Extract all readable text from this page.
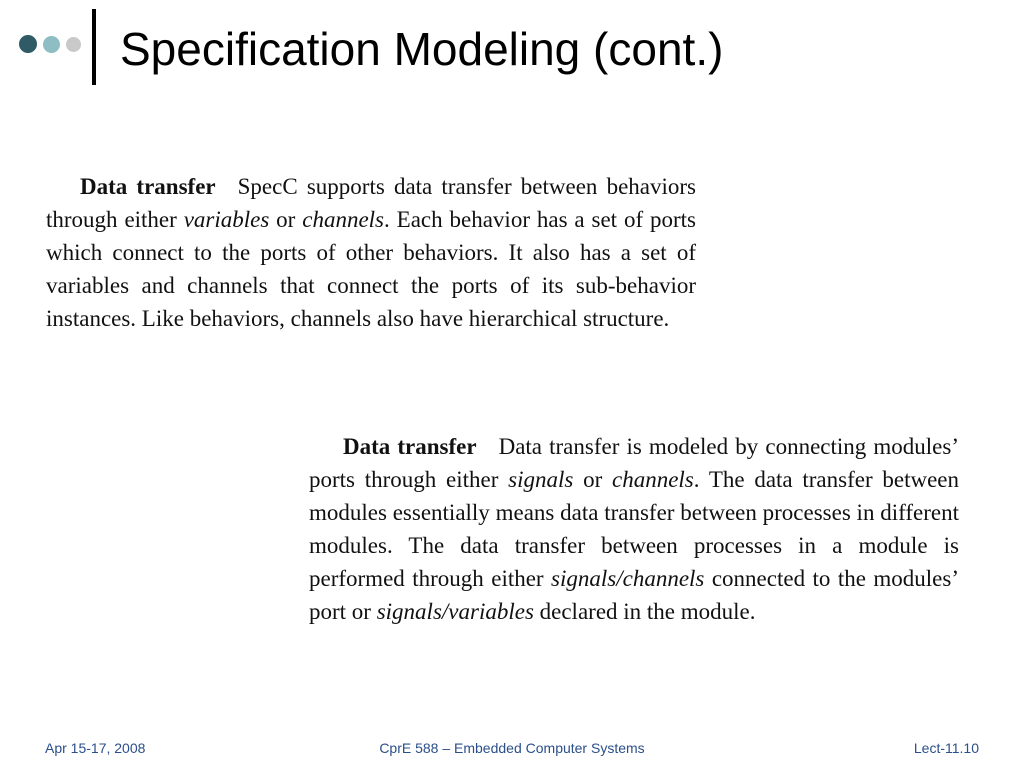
Specification Modeling (cont.)

Data transfer SpecC supports data transfer between behaviors through either variables or channels. Each behavior has a set of ports which connect to the ports of other behaviors. It also has a set of variables and channels that connect the ports of its sub-behavior instances. Like behaviors, channels also have hierarchical structure.

Data transfer Data transfer is modeled by connecting modules’ ports through either signals or channels. The data transfer between modules essentially means data transfer between processes in different modules. The data transfer between processes in a module is performed through either signals/channels connected to the modules’ port or signals/variables declared in the module.

Apr 15-17, 2008	CprE 588 – Embedded Computer Systems	Lect-11.10
